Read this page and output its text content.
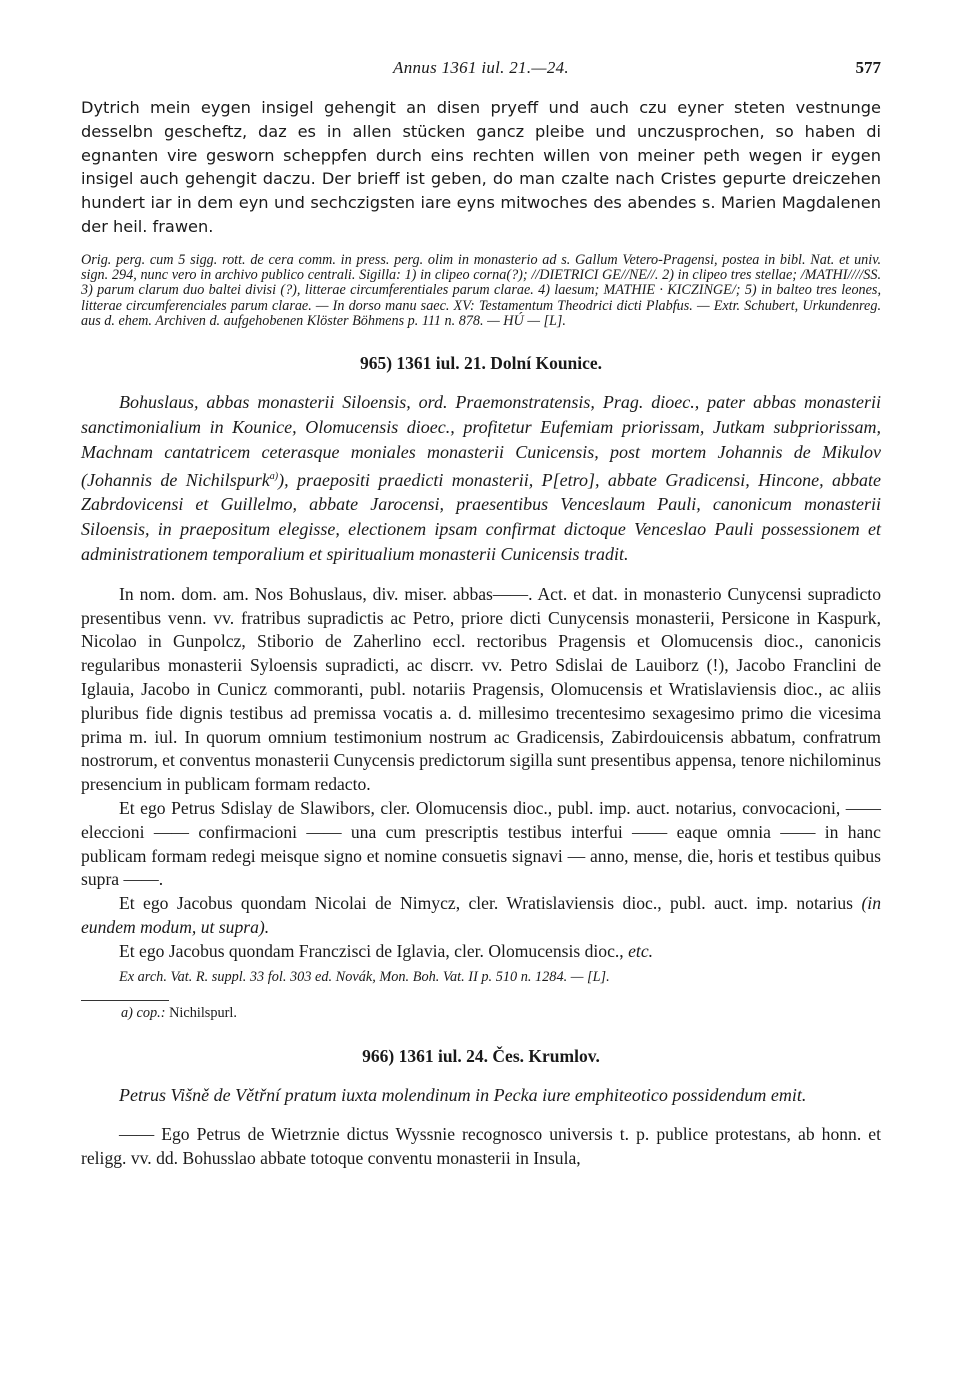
Annus 1361 iul. 21.—24.	577
Dytrich mein eygen insigel gehengit an disen pryeff und auch czu eyner steten vestnunge desselbn gescheftz, daz es in allen stücken gancz pleibe und unczusprochen, so haben di egnanten vire gesworn scheppfen durch eins rechten willen von meiner peth wegen ir eygen insigel auch gehengit daczu. Der brieff ist geben, do man czalte nach Cristes gepurte dreiczehen hundert iar in dem eyn und sechczigsten iare eyns mitwoches des abendes s. Marien Magdalenen der heil. frawen.
Orig. perg. cum 5 sigg. rott. de cera comm. in press. perg. olim in monasterio ad s. Gallum Vetero-Pragensi, postea in bibl. Nat. et univ. sign. 294, nunc vero in archivo publico centrali. Sigilla: 1) in clipeo corna(?); //DIETRICI GE//NE//. 2) in clipeo tres stellae; /MATHI////SS. 3) parum clarum duo baltei divisi (?), litterae circumferentiales parum clarae. 4) laesum; MATHIE · KICZINGE/; 5) in balteo tres leones, litterae circumferenciales parum clarae. — In dorso manu saec. XV: Testamentum Theodrici dicti Plabfus. — Extr. Schubert, Urkundenreg. aus d. ehem. Archiven d. aufgehobenen Klöster Böhmens p. 111 n. 878. — HÚ — [L].
965) 1361 iul. 21. Dolní Kounice.
Bohuslaus, abbas monasterii Siloensis, ord. Praemonstratensis, Prag. dioec., pater abbas monasterii sanctimonialium in Kounice, Olomucensis dioec., profitetur Eufemiam priorissam, Jutkam subpriorissam, Machnam cantatricem ceterasque moniales monasterii Cunicensis, post mortem Johannis de Mikulov (Johannis de Nichilspurk$^{a)}$), praepositi praedicti monasterii, P[etro], abbate Gradicensi, Hincone, abbate Zabrdovicensi et Guillelmo, abbate Jarocensi, praesentibus Venceslaum Pauli, canonicum monasterii Siloensis, in praepositum elegisse, electionem ipsam confirmat dictoque Venceslao Pauli possessionem et administrationem temporalium et spiritualium monasterii Cunicensis tradit.
In nom. dom. am. Nos Bohuslaus, div. miser. abbas——. Act. et dat. in monasterio Cunycensi supradicto presentibus venn. vv. fratribus supradictis ac Petro, priore dicti Cunycensis monasterii, Persicone in Kaspurk, Nicolao in Gunpolcz, Stiborio de Zaherlino eccl. rectoribus Pragensis et Olomucensis dioc., canonicis regularibus monasterii Syloensis supradicti, ac discrr. vv. Petro Sdislai de Lauiborz (!), Jacobo Franclini de Iglauia, Jacobo in Cunicz commoranti, publ. notariis Pragensis, Olomucensis et Wratislaviensis dioc., ac aliis pluribus fide dignis testibus ad premissa vocatis a. d. millesimo trecentesimo sexagesimo primo die vicesima prima m. iul. In quorum omnium testimonium nostrum ac Gradicensis, Zabirdouicensis abbatum, confratrum nostrorum, et conventus monasterii Cunycensis predictorum sigilla sunt presentibus appensa, tenore nichilominus presencium in publicam formam redacto.
Et ego Petrus Sdislay de Slawibors, cler. Olomucensis dioc., publ. imp. auct. notarius, convocacioni, —— eleccioni —— confirmacioni —— una cum prescriptis testibus interfui —— eaque omnia —— in hanc publicam formam redegi meisque signo et nomine consuetis signavi — anno, mense, die, horis et testibus quibus supra ——.
Et ego Jacobus quondam Nicolai de Nimycz, cler. Wratislaviensis dioc., publ. auct. imp. notarius (in eundem modum, ut supra).
Et ego Jacobus quondam Franczisci de Iglavia, cler. Olomucensis dioc., etc.
Ex arch. Vat. R. suppl. 33 fol. 303 ed. Novák, Mon. Boh. Vat. II p. 510 n. 1284. — [L].
a) cop.: Nichilspurl.
966) 1361 iul. 24. Čes. Krumlov.
Petrus Višně de Větřní pratum iuxta molendinum in Pecka iure emphiteotico possidendum emit.
—— Ego Petrus de Wietrznie dictus Wyssnie recognosco universis t. p. publice protestans, ab honn. et religg. vv. dd. Bohusslao abbate totoque conventu monasterii in Insula,
